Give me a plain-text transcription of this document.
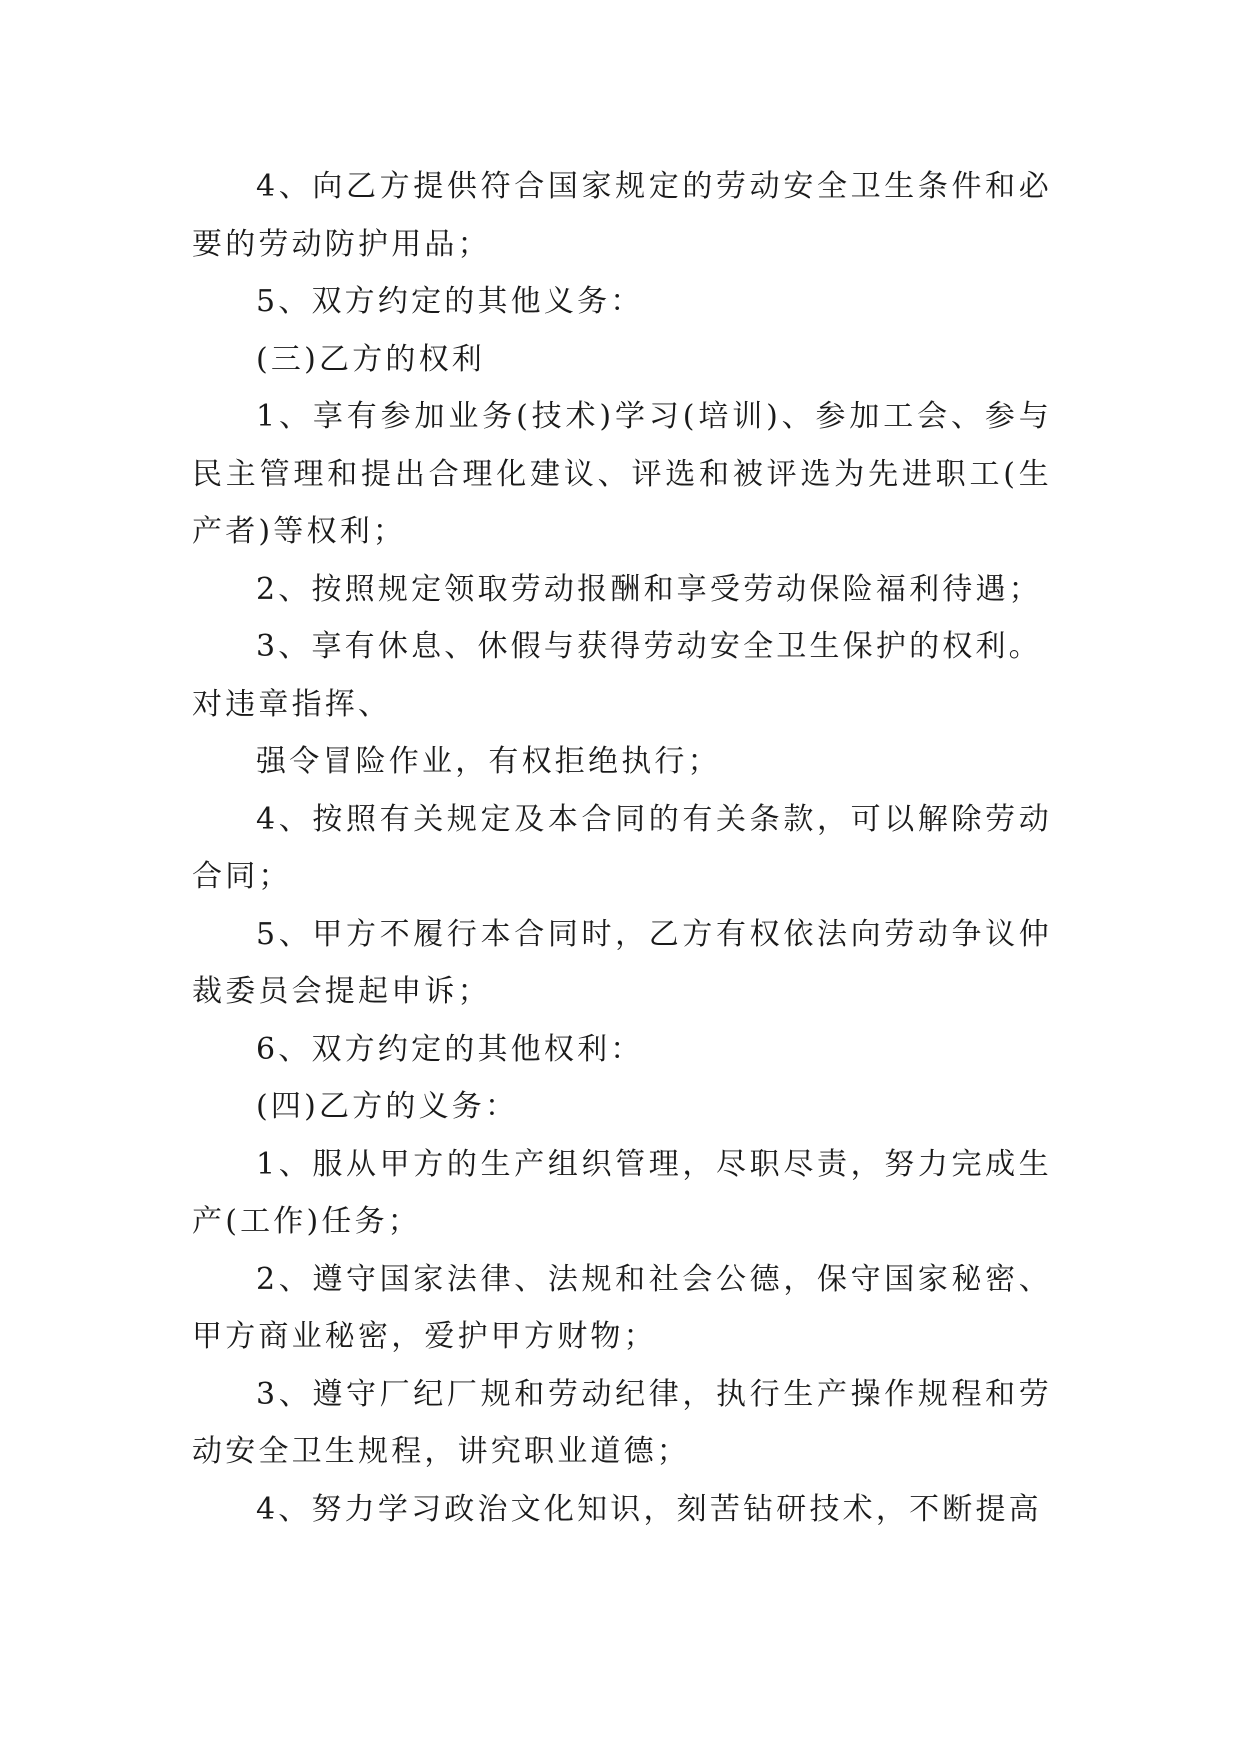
4、向乙方提供符合国家规定的劳动安全卫生条件和必要的劳动防护用品；

5、双方约定的其他义务：

(三)乙方的权利

1、享有参加业务(技术)学习(培训)、参加工会、参与民主管理和提出合理化建议、评选和被评选为先进职工(生产者)等权利；

2、按照规定领取劳动报酬和享受劳动保险福利待遇；

3、享有休息、休假与获得劳动安全卫生保护的权利。

对违章指挥、

强令冒险作业，有权拒绝执行；

4、按照有关规定及本合同的有关条款，可以解除劳动合同；

5、甲方不履行本合同时，乙方有权依法向劳动争议仲裁委员会提起申诉；

6、双方约定的其他权利：

(四)乙方的义务：

1、服从甲方的生产组织管理，尽职尽责，努力完成生产(工作)任务；

2、遵守国家法律、法规和社会公德，保守国家秘密、甲方商业秘密，爱护甲方财物；

3、遵守厂纪厂规和劳动纪律，执行生产操作规程和劳动安全卫生规程，讲究职业道德；

4、努力学习政治文化知识，刻苦钻研技术，不断提高
